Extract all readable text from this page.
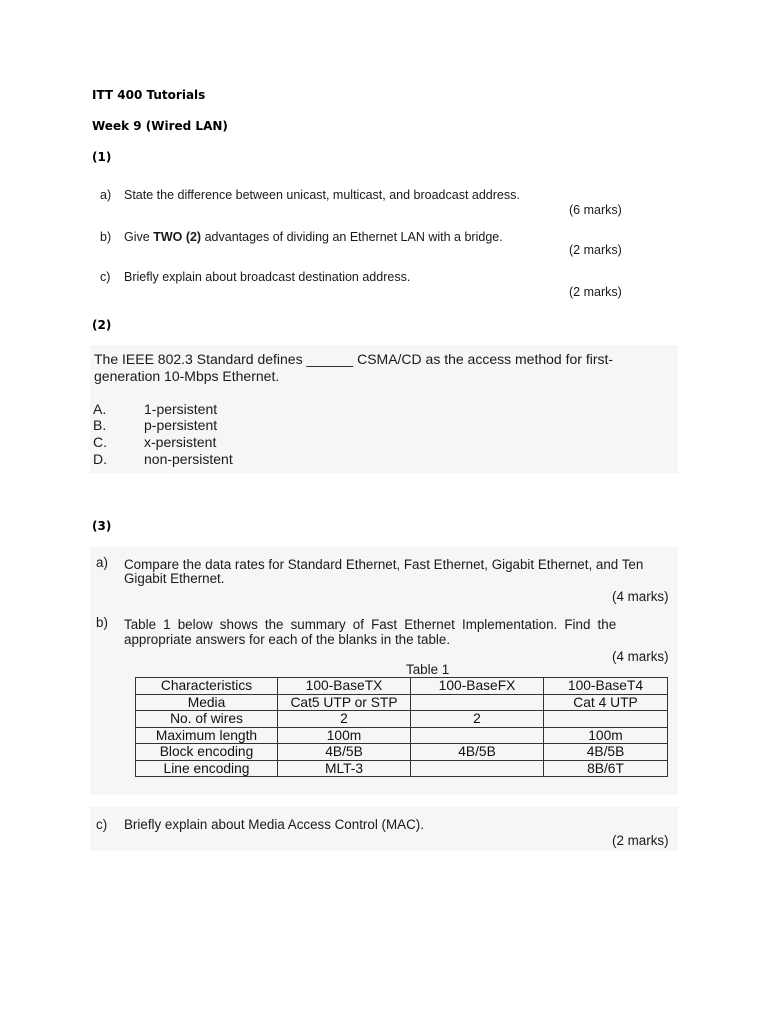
ITT 400 Tutorials
Week 9 (Wired LAN)
(1)
a) State the difference between unicast, multicast, and broadcast address.
(6 marks)
b) Give TWO (2) advantages of dividing an Ethernet LAN with a bridge.
(2 marks)
c) Briefly explain about broadcast destination address.
(2 marks)
(2)
The IEEE 802.3 Standard defines ______ CSMA/CD as the access method for first-
generation 10-Mbps Ethernet.
A.	1-persistent
B.	p-persistent
C.	x-persistent
D.	non-persistent
(3)
a) Compare the data rates for Standard Ethernet, Fast Ethernet, Gigabit Ethernet, and Ten
Gigabit Ethernet.
(4 marks)
b) Table 1 below shows the summary of Fast Ethernet Implementation. Find the
appropriate answers for each of the blanks in the table.
(4 marks)
Table 1
Characteristics	100-BaseTX	100-BaseFX	100-BaseT4
Media	Cat5 UTP or STP		Cat 4 UTP
No. of wires	2	2	
Maximum length	100m		100m
Block encoding	4B/5B	4B/5B	4B/5B
Line encoding	MLT-3		8B/6T
c) Briefly explain about Media Access Control (MAC).
(2 marks)
